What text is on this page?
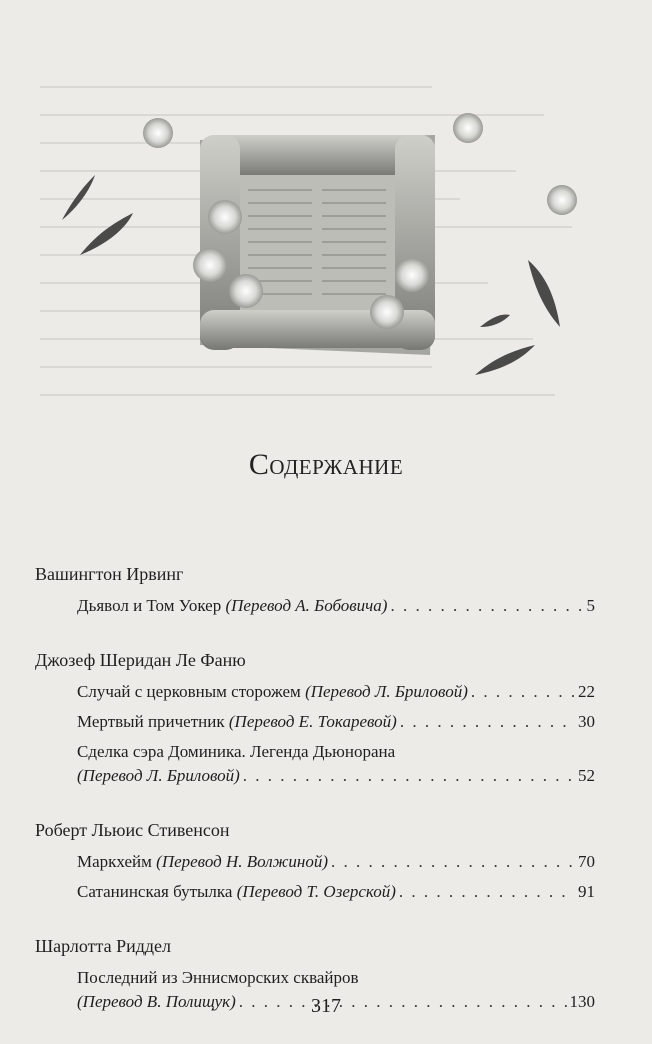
Содержание
Вашингтон Ирвинг
Дьявол и Том Уокер (Перевод А. Бобовича) . . .	5
Джозеф Шеридан Ле Фаню
Случай с церковным сторожем (Перевод Л. Бриловой) . . .	22
Мертвый причетник (Перевод Е. Токаревой) . . .	30
Сделка сэра Доминика. Легенда Дьюнорана
(Перевод Л. Бриловой) . . .	52
Роберт Льюис Стивенсон
Маркхейм (Перевод Н. Волжиной) . . .	70
Сатанинская бутылка (Перевод Т. Озерской) . . .	91
Шарлотта Риддел
Последний из Эннисморских сквайров
(Перевод В. Полищук) . . .	130
317
